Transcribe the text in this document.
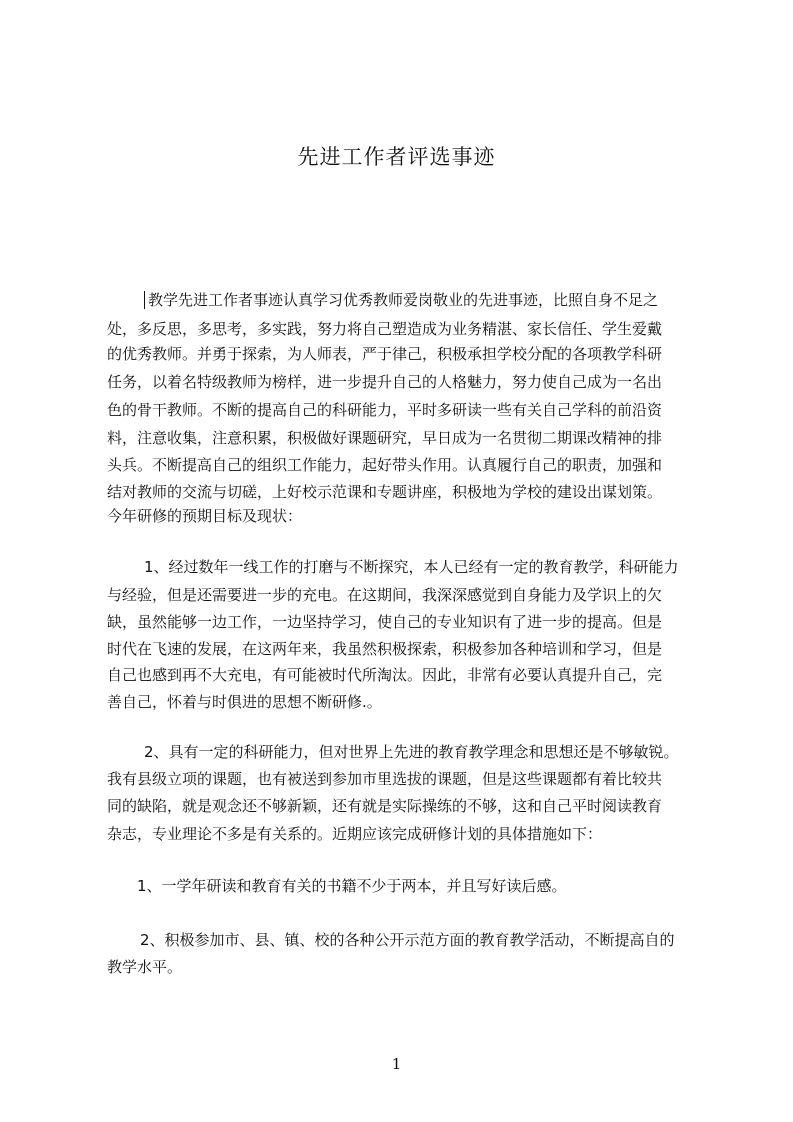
先进工作者评选事迹
教学先进工作者事迹认真学习优秀教师爱岗敬业的先进事迹，比照自身不足之
处，多反思，多思考，多实践，努力将自己塑造成为业务精湛、家长信任、学生爱戴
的优秀教师。并勇于探索，为人师表，严于律己，积极承担学校分配的各项教学科研
任务，以着名特级教师为榜样，进一步提升自己的人格魅力，努力使自己成为一名出
色的骨干教师。不断的提高自己的科研能力，平时多研读一些有关自己学科的前沿资
料，注意收集，注意积累，积极做好课题研究，早日成为一名贯彻二期课改精神的排
头兵。不断提高自己的组织工作能力，起好带头作用。认真履行自己的职责，加强和
结对教师的交流与切磋，上好校示范课和专题讲座，积极地为学校的建设出谋划策。
今年研修的预期目标及现状：
1、经过数年一线工作的打磨与不断探究，本人已经有一定的教育教学，科研能力
与经验，但是还需要进一步的充电。在这期间，我深深感觉到自身能力及学识上的欠
缺，虽然能够一边工作，一边坚持学习，使自己的专业知识有了进一步的提高。但是
时代在飞速的发展，在这两年来，我虽然积极探索，积极参加各种培训和学习，但是
自己也感到再不大充电，有可能被时代所淘汰。因此，非常有必要认真提升自己，完
善自己，怀着与时俱进的思想不断研修.。
2、具有一定的科研能力，但对世界上先进的教育教学理念和思想还是不够敏锐。
我有县级立项的课题，也有被送到参加市里选拔的课题，但是这些课题都有着比较共
同的缺陷，就是观念还不够新颖，还有就是实际操练的不够，这和自己平时阅读教育
杂志，专业理论不多是有关系的。近期应该完成研修计划的具体措施如下：
1、一学年研读和教育有关的书籍不少于两本，并且写好读后感。
2、积极参加市、县、镇、校的各种公开示范方面的教育教学活动，不断提高自的
教学水平。
1
